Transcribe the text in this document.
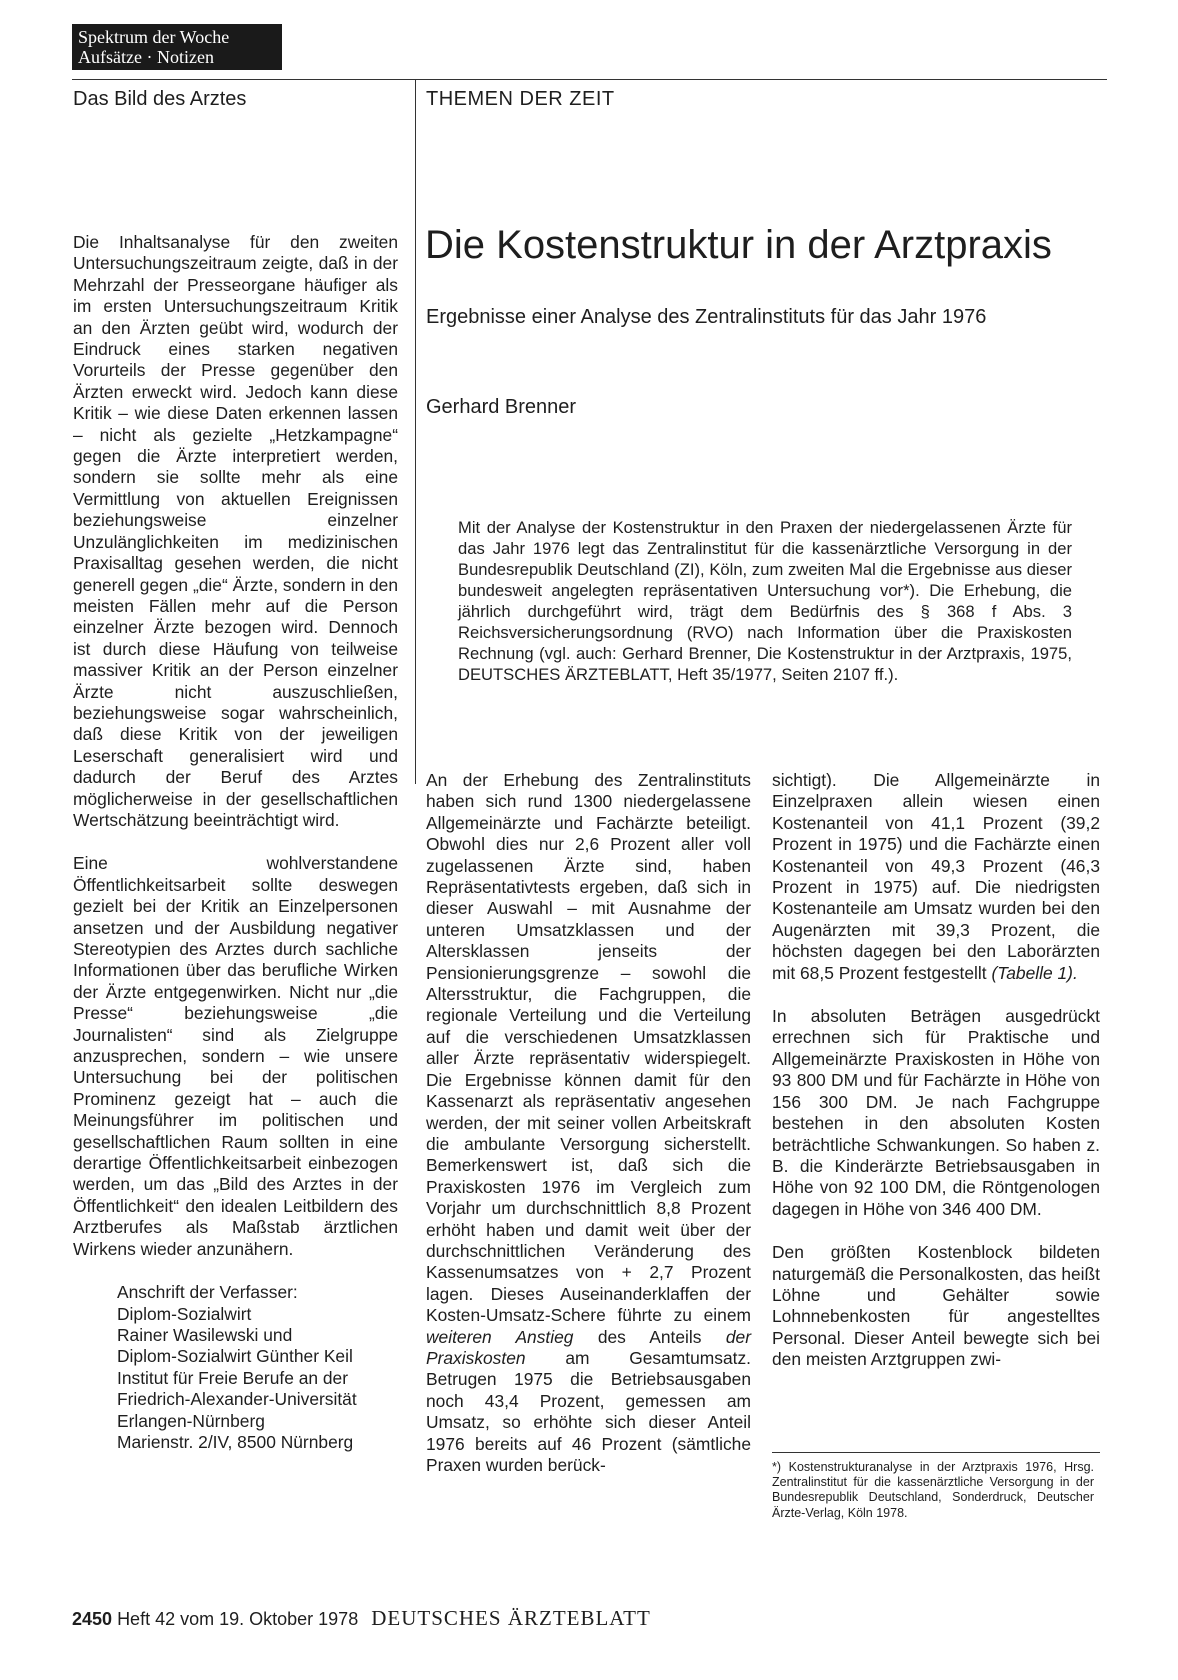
Spektrum der Woche
Aufsätze · Notizen
Das Bild des Arztes	THEMEN DER ZEIT
Die Kostenstruktur in der Arztpraxis
Ergebnisse einer Analyse des Zentralinstituts für das Jahr 1976
Gerhard Brenner
Mit der Analyse der Kostenstruktur in den Praxen der niedergelassenen Ärzte für das Jahr 1976 legt das Zentralinstitut für die kassenärztliche Versorgung in der Bundesrepublik Deutschland (ZI), Köln, zum zweiten Mal die Ergebnisse aus dieser bundesweit angelegten repräsentativen Untersuchung vor*). Die Erhebung, die jährlich durchgeführt wird, trägt dem Bedürfnis des § 368 f Abs. 3 Reichsversicherungsordnung (RVO) nach Information über die Praxiskosten Rechnung (vgl. auch: Gerhard Brenner, Die Kostenstruktur in der Arztpraxis, 1975, DEUTSCHES ÄRZTEBLATT, Heft 35/1977, Seiten 2107 ff.).

Die Inhaltsanalyse für den zweiten Untersuchungszeitraum zeigte, daß in der Mehrzahl der Presseorgane häufiger als im ersten Untersuchungszeitraum Kritik an den Ärzten geübt wird, wodurch der Eindruck eines starken negativen Vorurteils der Presse gegenüber den Ärzten erweckt wird. Jedoch kann diese Kritik – wie diese Daten erkennen lassen – nicht als gezielte „Hetzkampagne“ gegen die Ärzte interpretiert werden, sondern sie sollte mehr als eine Vermittlung von aktuellen Ereignissen beziehungsweise einzelner Unzulänglichkeiten im medizinischen Praxisalltag gesehen werden, die nicht generell gegen „die“ Ärzte, sondern in den meisten Fällen mehr auf die Person einzelner Ärzte bezogen wird. Dennoch ist durch diese Häufung von teilweise massiver Kritik an der Person einzelner Ärzte nicht auszuschließen, beziehungsweise sogar wahrscheinlich, daß diese Kritik von der jeweiligen Leserschaft generalisiert wird und dadurch der Beruf des Arztes möglicherweise in der gesellschaftlichen Wertschätzung beeinträchtigt wird.

Eine wohlverstandene Öffentlichkeitsarbeit sollte deswegen gezielt bei der Kritik an Einzelpersonen ansetzen und der Ausbildung negativer Stereotypien des Arztes durch sachliche Informationen über das berufliche Wirken der Ärzte entgegenwirken. Nicht nur „die Presse“ beziehungsweise „die Journalisten“ sind als Zielgruppe anzusprechen, sondern – wie unsere Untersuchung bei der politischen Prominenz gezeigt hat – auch die Meinungsführer im politischen und gesellschaftlichen Raum sollten in eine derartige Öffentlichkeitsarbeit einbezogen werden, um das „Bild des Arztes in der Öffentlichkeit“ den idealen Leitbildern des Arztberufes als Maßstab ärztlichen Wirkens wieder anzunähern.

Anschrift der Verfasser:
Diplom-Sozialwirt
Rainer Wasilewski und
Diplom-Sozialwirt Günther Keil
Institut für Freie Berufe an der
Friedrich-Alexander-Universität
Erlangen-Nürnberg
Marienstr. 2/IV, 8500 Nürnberg

An der Erhebung des Zentralinstituts haben sich rund 1300 niedergelassene Allgemeinärzte und Fachärzte beteiligt. Obwohl dies nur 2,6 Prozent aller voll zugelassenen Ärzte sind, haben Repräsentativtests ergeben, daß sich in dieser Auswahl – mit Ausnahme der unteren Umsatzklassen und der Altersklassen jenseits der Pensionierungsgrenze – sowohl die Altersstruktur, die Fachgruppen, die regionale Verteilung und die Verteilung auf die verschiedenen Umsatzklassen aller Ärzte repräsentativ widerspiegelt. Die Ergebnisse können damit für den Kassenarzt als repräsentativ angesehen werden, der mit seiner vollen Arbeitskraft die ambulante Versorgung sicherstellt. Bemerkenswert ist, daß sich die Praxiskosten 1976 im Vergleich zum Vorjahr um durchschnittlich 8,8 Prozent erhöht haben und damit weit über der durchschnittlichen Veränderung des Kassenumsatzes von + 2,7 Prozent lagen. Dieses Auseinanderklaffen der Kosten-Umsatz-Schere führte zu einem weiteren Anstieg des Anteils der Praxiskosten am Gesamtumsatz. Betrugen 1975 die Betriebsausgaben noch 43,4 Prozent, gemessen am Umsatz, so erhöhte sich dieser Anteil 1976 bereits auf 46 Prozent (sämtliche Praxen wurden berück-

sichtigt). Die Allgemeinärzte in Einzelpraxen allein wiesen einen Kostenanteil von 41,1 Prozent (39,2 Prozent in 1975) und die Fachärzte einen Kostenanteil von 49,3 Prozent (46,3 Prozent in 1975) auf. Die niedrigsten Kostenanteile am Umsatz wurden bei den Augenärzten mit 39,3 Prozent, die höchsten dagegen bei den Laborärzten mit 68,5 Prozent festgestellt (Tabelle 1).

In absoluten Beträgen ausgedrückt errechnen sich für Praktische und Allgemeinärzte Praxiskosten in Höhe von 93 800 DM und für Fachärzte in Höhe von 156 300 DM. Je nach Fachgruppe bestehen in den absoluten Kosten beträchtliche Schwankungen. So haben z. B. die Kinderärzte Betriebsausgaben in Höhe von 92 100 DM, die Röntgenologen dagegen in Höhe von 346 400 DM.

Den größten Kostenblock bildeten naturgemäß die Personalkosten, das heißt Löhne und Gehälter sowie Lohnnebenkosten für angestelltes Personal. Dieser Anteil bewegte sich bei den meisten Arztgruppen zwi-

*) Kostenstrukturanalyse in der Arztpraxis 1976, Hrsg. Zentralinstitut für die kassenärztliche Versorgung in der Bundesrepublik Deutschland, Sonderdruck, Deutscher Ärzte-Verlag, Köln 1978.
2450 Heft 42 vom 19. Oktober 1978 DEUTSCHES ÄRZTEBLATT
